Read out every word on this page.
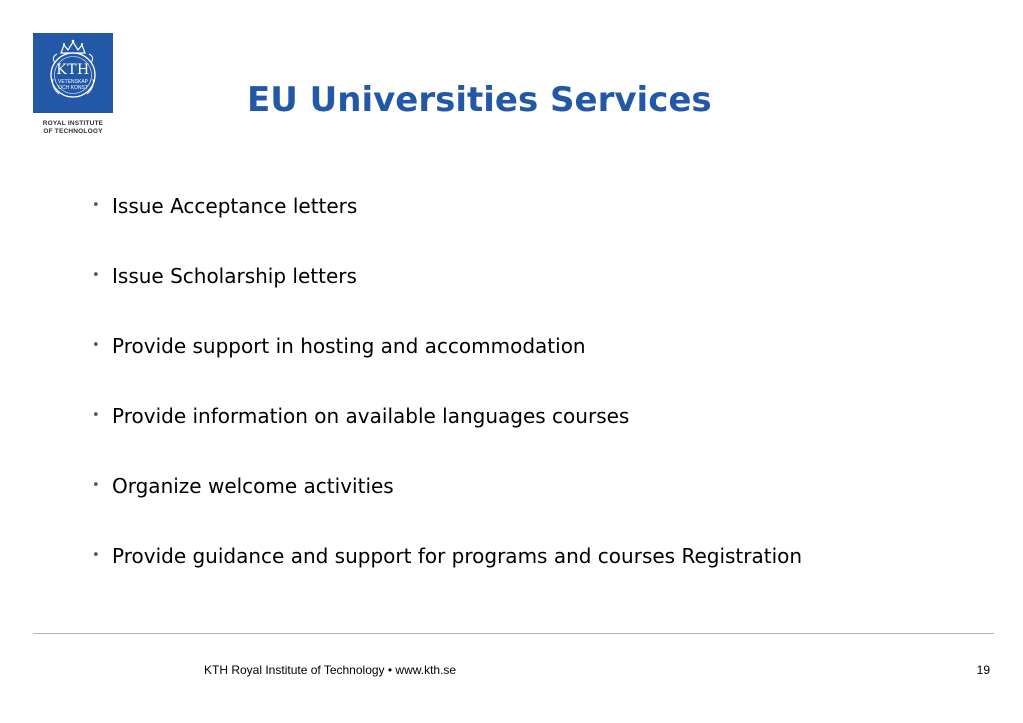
KTH
VETENSKAP
OCH KONST
ROYAL INSTITUTE
OF TECHNOLOGY
EU Universities Services
• Issue Acceptance letters
• Issue Scholarship letters
• Provide support in hosting and accommodation
• Provide information on available languages courses
• Organize welcome activities
• Provide guidance and support for programs and courses Registration
KTH Royal Institute of Technology • www.kth.se	19
